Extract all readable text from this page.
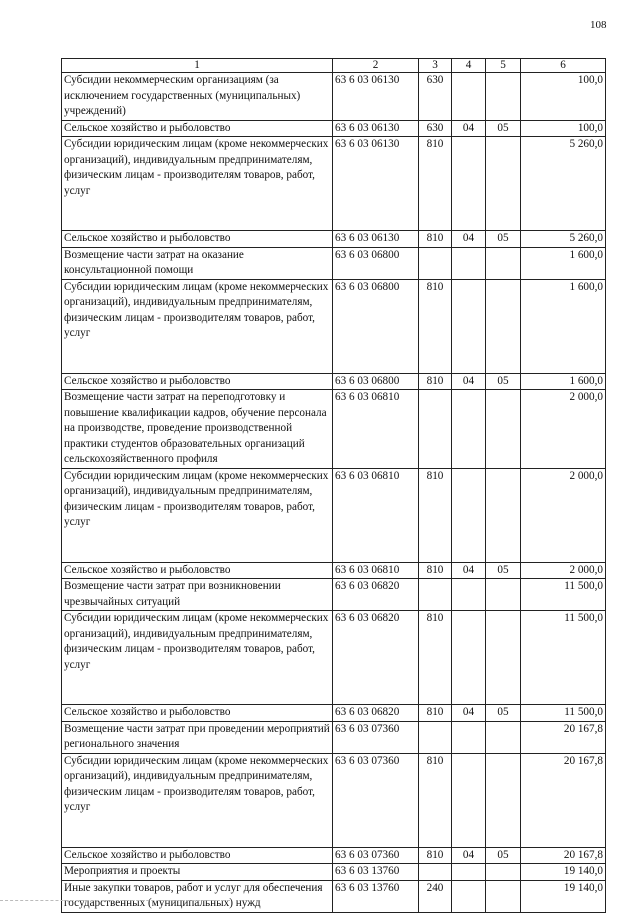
108
1	2	3	4	5	6
Субсидии некоммерческим организациям (за исключением государственных (муниципальных) учреждений)	63 6 03 06130	630			100,0
Сельское хозяйство и рыболовство	63 6 03 06130	630	04	05	100,0
Субсидии юридическим лицам (кроме некоммерческих организаций), индивидуальным предпринимателям, физическим лицам - производителям товаров, работ, услуг	63 6 03 06130	810			5 260,0
Сельское хозяйство и рыболовство	63 6 03 06130	810	04	05	5 260,0
Возмещение части затрат на оказание консультационной помощи	63 6 03 06800				1 600,0
Субсидии юридическим лицам (кроме некоммерческих организаций), индивидуальным предпринимателям, физическим лицам - производителям товаров, работ, услуг	63 6 03 06800	810			1 600,0
Сельское хозяйство и рыболовство	63 6 03 06800	810	04	05	1 600,0
Возмещение части затрат на переподготовку и повышение квалификации кадров, обучение персонала на производстве, проведение производственной практики студентов образовательных организаций сельскохозяйственного профиля	63 6 03 06810				2 000,0
Субсидии юридическим лицам (кроме некоммерческих организаций), индивидуальным предпринимателям, физическим лицам - производителям товаров, работ, услуг	63 6 03 06810	810			2 000,0
Сельское хозяйство и рыболовство	63 6 03 06810	810	04	05	2 000,0
Возмещение части затрат при возникновении чрезвычайных ситуаций	63 6 03 06820				11 500,0
Субсидии юридическим лицам (кроме некоммерческих организаций), индивидуальным предпринимателям, физическим лицам - производителям товаров, работ, услуг	63 6 03 06820	810			11 500,0
Сельское хозяйство и рыболовство	63 6 03 06820	810	04	05	11 500,0
Возмещение части затрат при проведении мероприятий регионального значения	63 6 03 07360				20 167,8
Субсидии юридическим лицам (кроме некоммерческих организаций), индивидуальным предпринимателям, физическим лицам - производителям товаров, работ, услуг	63 6 03 07360	810			20 167,8
Сельское хозяйство и рыболовство	63 6 03 07360	810	04	05	20 167,8
Мероприятия и проекты	63 6 03 13760				19 140,0
Иные закупки товаров, работ и услуг для обеспечения государственных (муниципальных) нужд	63 6 03 13760	240			19 140,0
